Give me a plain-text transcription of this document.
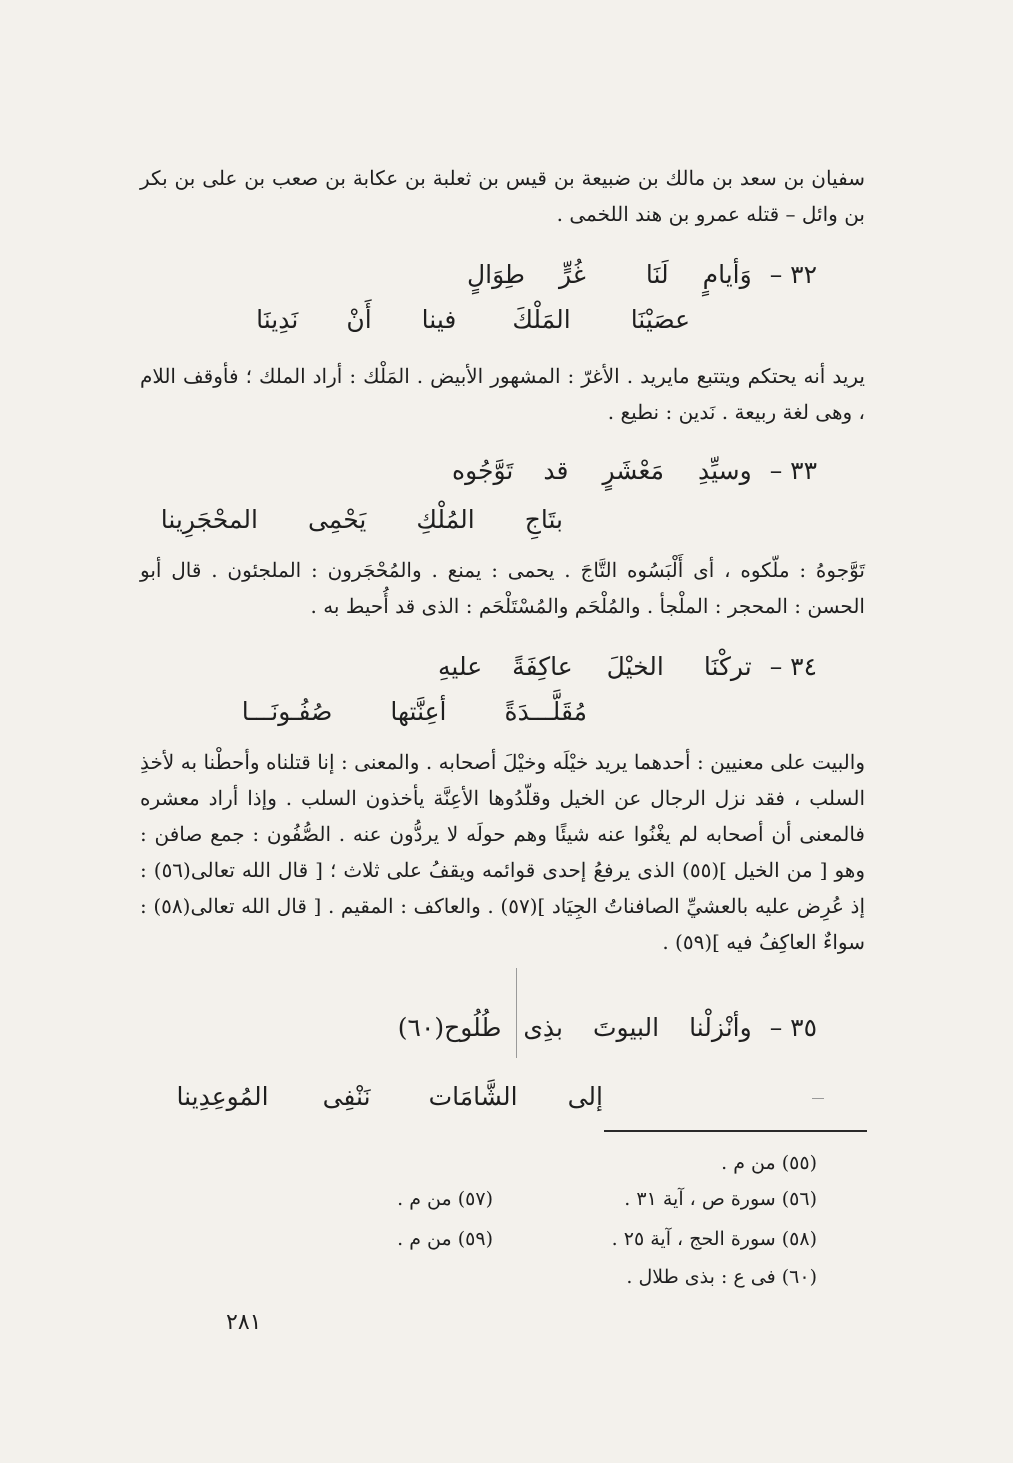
سفيان بن سعد بن مالك بن ضبيعة بن قيس بن ثعلبة بن عكابة بن صعب بن على بن بكر بن وائل – قتله عمرو بن هند اللخمى .
٣٢ –
وَأيامٍ
لَنَا
غُرٍّ
طِوَالٍ
عصَيْنَا
المَلْكَ
فينا
أَنْ
نَدِينَا
يريد أنه يحتكم ويتتبع مايريد . الأغرّ : المشهور الأبيض . المَلْك : أراد الملك ؛ فأوقف اللام ، وهى لغة ربيعة . نَدين : نطيع .
٣٣ –
وسيِّدِ
مَعْشَرٍ
قد
تَوَّجُوه
بتَاجِ
المُلْكِ
يَحْمِى
المحْجَرِينا
تَوَّجوهُ : ملّكوه ، أى أَلْبَسُوه التَّاجَ . يحمى : يمنع . والمُحْجَرون : الملجئون . قال أبو الحسن : المحجر : الملْجأ . والمُلْحَم والمُسْتَلْحَم : الذى قد أُحيط به .
٣٤ –
تركْنَا
الخيْلَ
عاكِفَةً
عليهِ
مُقَلَّـــدَةً
أعِنَّتها
صُفُـونَـــا
والبيت على معنيين : أحدهما يريد خيْلَه وخيْلَ أصحابه . والمعنى : إنا قتلناه وأحطْنا به لأخذِ السلب ، فقد نزل الرجال عن الخيل وقلّدُوها الأعِنَّة يأخذون السلب . وإذا أراد معشره فالمعنى أن أصحابه لم يغْنُوا عنه شيئًا وهم حولَه لا يردُّون عنه . الصُّفُون : جمع صافن : وهو [ من الخيل ](٥٥) الذى يرفعُ إحدى قوائمه ويقفُ على ثلاث ؛ [ قال الله تعالى(٥٦) : إذ عُرِض عليه بالعشيِّ الصافناتُ الجِيَاد ](٥٧) . والعاكف : المقيم . [ قال الله تعالى(٥٨) : سواءٌ العاكِفُ فيه ](٥٩) .
٣٥ –
وأنْزلْنا
البيوتَ
بذِى
طُلُوح(٦٠)
إلى
الشَّامَات
نَنْفِى
المُوعِدِينا
(٥٥) من م .
(٥٦) سورة ص ، آية ٣١ .
(٥٧) من م .
(٥٨) سورة الحج ، آية ٢٥ .
(٥٩) من م .
(٦٠) فى ع : بذى طلال .
٢٨١
